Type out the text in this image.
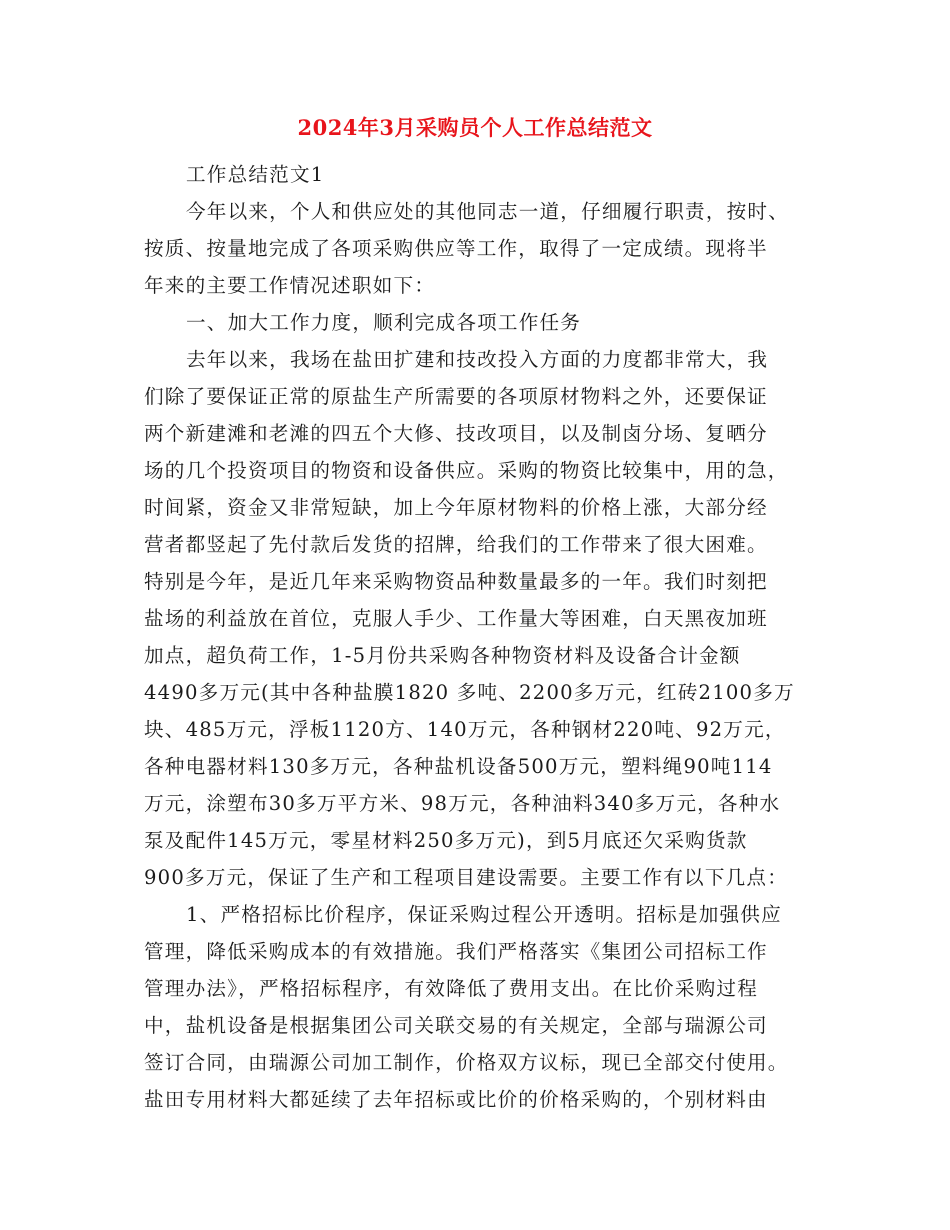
2024年3月采购员个人工作总结范文
工作总结范文1
今年以来，个人和供应处的其他同志一道，仔细履行职责，按时、
按质、按量地完成了各项采购供应等工作，取得了一定成绩。现将半
年来的主要工作情况述职如下：
一、加大工作力度，顺利完成各项工作任务
去年以来，我场在盐田扩建和技改投入方面的力度都非常大，我
们除了要保证正常的原盐生产所需要的各项原材物料之外，还要保证
两个新建滩和老滩的四五个大修、技改项目，以及制卤分场、复晒分
场的几个投资项目的物资和设备供应。采购的物资比较集中，用的急，
时间紧，资金又非常短缺，加上今年原材物料的价格上涨，大部分经
营者都竖起了先付款后发货的招牌，给我们的工作带来了很大困难。
特别是今年，是近几年来采购物资品种数量最多的一年。我们时刻把
盐场的利益放在首位，克服人手少、工作量大等困难，白天黑夜加班
加点，超负荷工作，1-5月份共采购各种物资材料及设备合计金额
4490多万元(其中各种盐膜1820 多吨、2200多万元，红砖2100多万
块、485万元，浮板1120方、140万元，各种钢材220吨、92万元，
各种电器材料130多万元，各种盐机设备500万元，塑料绳90吨114
万元，涂塑布30多万平方米、98万元，各种油料340多万元，各种水
泵及配件145万元，零星材料250多万元)，到5月底还欠采购货款
900多万元，保证了生产和工程项目建设需要。主要工作有以下几点：
1、严格招标比价程序，保证采购过程公开透明。招标是加强供应
管理，降低采购成本的有效措施。我们严格落实《集团公司招标工作
管理办法》，严格招标程序，有效降低了费用支出。在比价采购过程
中，盐机设备是根据集团公司关联交易的有关规定，全部与瑞源公司
签订合同，由瑞源公司加工制作，价格双方议标，现已全部交付使用。
盐田专用材料大都延续了去年招标或比价的价格采购的，个别材料由
